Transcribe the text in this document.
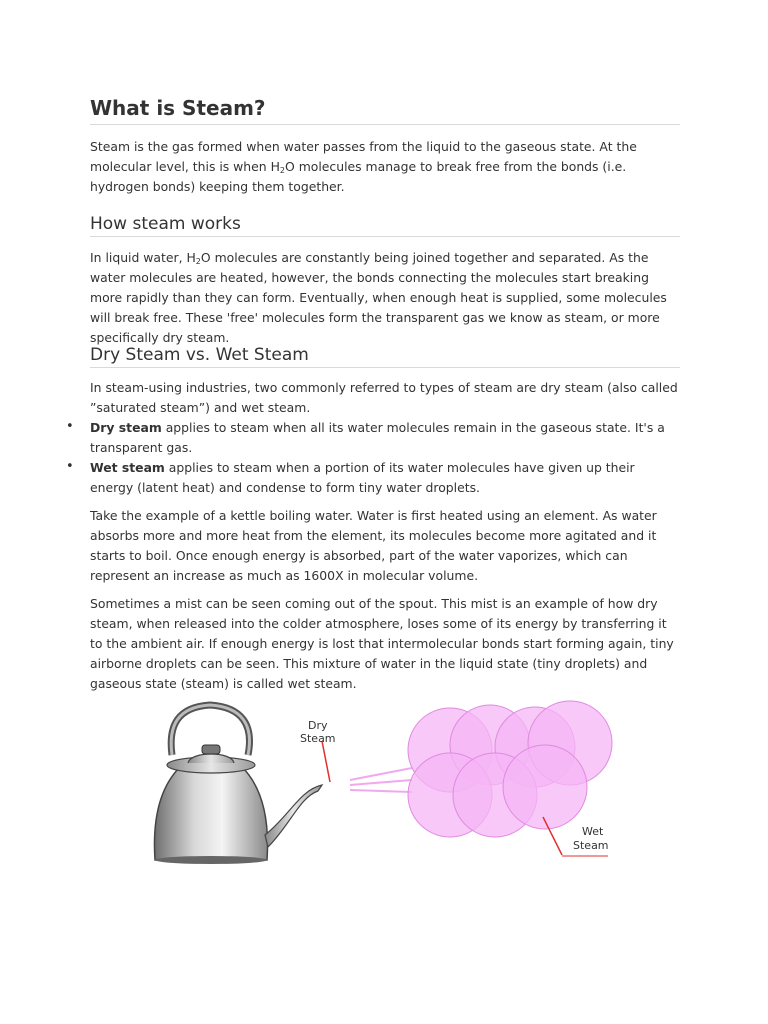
What is Steam?

Steam is the gas formed when water passes from the liquid to the gaseous state. At the molecular level, this is when $H_2O$ molecules manage to break free from the bonds (i.e. hydrogen bonds) keeping them together.

How steam works

In liquid water, $H_2O$ molecules are constantly being joined together and separated. As the water molecules are heated, however, the bonds connecting the molecules start breaking more rapidly than they can form. Eventually, when enough heat is supplied, some molecules will break free. These 'free' molecules form the transparent gas we know as steam, or more specifically dry steam.

Dry Steam vs. Wet Steam

In steam-using industries, two commonly referred to types of steam are dry steam (also called ”saturated steam”) and wet steam.

• Dry steam applies to steam when all its water molecules remain in the gaseous state. It's a transparent gas.

• Wet steam applies to steam when a portion of its water molecules have given up their energy (latent heat) and condense to form tiny water droplets.

Take the example of a kettle boiling water. Water is first heated using an element. As water absorbs more and more heat from the element, its molecules become more agitated and it starts to boil. Once enough energy is absorbed, part of the water vaporizes, which can represent an increase as much as 1600X in molecular volume.

Sometimes a mist can be seen coming out of the spout. This mist is an example of how dry steam, when released into the colder atmosphere, loses some of its energy by transferring it to the ambient air. If enough energy is lost that intermolecular bonds start forming again, tiny airborne droplets can be seen. This mixture of water in the liquid state (tiny droplets) and gaseous state (steam) is called wet steam.

Dry
Steam
Wet
Steam
